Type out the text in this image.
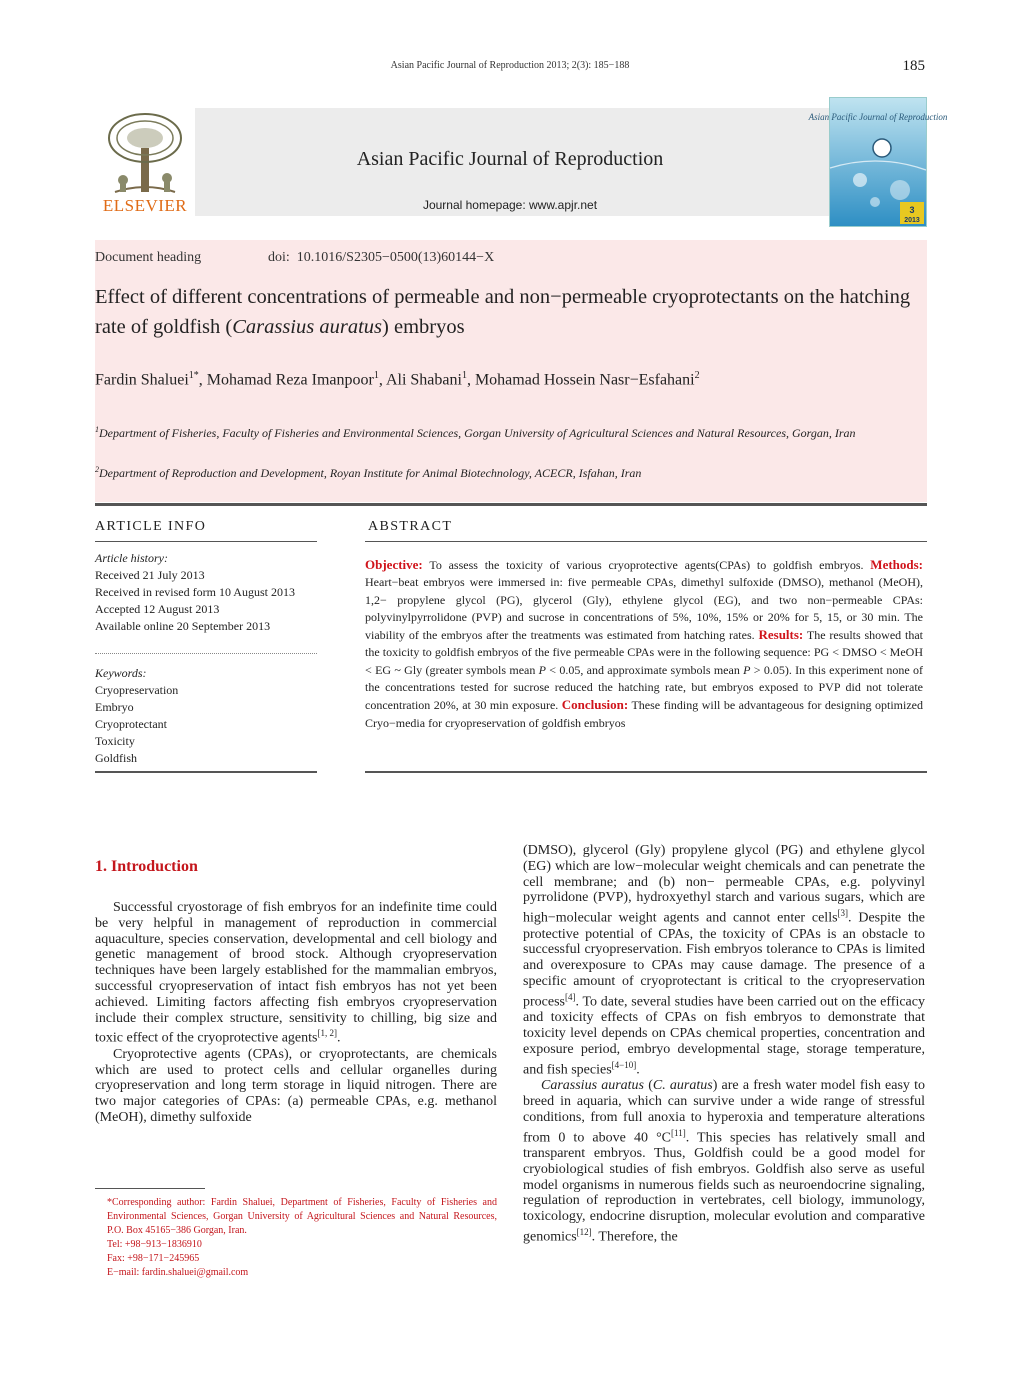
Asian Pacific Journal of Reproduction 2013; 2(3): 185−188	185
ELSEVIER
Asian Pacific Journal of Reproduction
Journal homepage: www.apjr.net
Asian Pacific Journal of Reproduction
3
2013
Document heading	doi: 10.1016/S2305−0500(13)60144−X
Effect of different concentrations of permeable and non−permeable cryoprotectants on the hatching rate of goldfish (Carassius auratus) embryos
Fardin Shaluei$^{1*}$, Mohamad Reza Imanpoor$^1$, Ali Shabani$^1$, Mohamad Hossein Nasr−Esfahani$^2$
$^1$Department of Fisheries, Faculty of Fisheries and Environmental Sciences, Gorgan University of Agricultural Sciences and Natural Resources, Gorgan, Iran
$^2$Department of Reproduction and Development, Royan Institute for Animal Biotechnology, ACECR, Isfahan, Iran
ARTICLE INFO
Article history:
Received 21 July 2013
Received in revised form 10 August 2013
Accepted 12 August 2013
Available online 20 September 2013
Keywords:
Cryopreservation
Embryo
Cryoprotectant
Toxicity
Goldfish
ABSTRACT
Objective: To assess the toxicity of various cryoprotective agents(CPAs) to goldfish embryos. Methods: Heart−beat embryos were immersed in: five permeable CPAs, dimethyl sulfoxide (DMSO), methanol (MeOH), 1,2− propylene glycol (PG), glycerol (Gly), ethylene glycol (EG), and two non−permeable CPAs: polyvinylpyrrolidone (PVP) and sucrose in concentrations of 5%, 10%, 15% or 20% for 5, 15, or 30 min. The viability of the embryos after the treatments was estimated from hatching rates. Results: The results showed that the toxicity to goldfish embryos of the five permeable CPAs were in the following sequence: PG < DMSO < MeOH < EG ~ Gly (greater symbols mean P < 0.05, and approximate symbols mean P > 0.05). In this experiment none of the concentrations tested for sucrose reduced the hatching rate, but embryos exposed to PVP did not tolerate concentration 20%, at 30 min exposure. Conclusion: These finding will be advantageous for designing optimized Cryo−media for cryopreservation of goldfish embryos
1. Introduction

Successful cryostorage of fish embryos for an indefinite time could be very helpful in management of reproduction in commercial aquaculture, species conservation, developmental and cell biology and genetic management of brood stock. Although cryopreservation techniques have been largely established for the mammalian embryos, successful cryopreservation of intact fish embryos has not yet been achieved. Limiting factors affecting fish embryos cryopreservation include their complex structure, sensitivity to chilling, big size and toxic effect of the cryoprotective agents[1, 2].

Cryoprotective agents (CPAs), or cryoprotectants, are chemicals which are used to protect cells and cellular organelles during cryopreservation and long term storage in liquid nitrogen. There are two major categories of CPAs: (a) permeable CPAs, e.g. methanol (MeOH), dimethy sulfoxide

(DMSO), glycerol (Gly) propylene glycol (PG) and ethylene glycol (EG) which are low−molecular weight chemicals and can penetrate the cell membrane; and (b) non− permeable CPAs, e.g. polyvinyl pyrrolidone (PVP), hydroxyethyl starch and various sugars, which are high−molecular weight agents and cannot enter cells[3]. Despite the protective potential of CPAs, the toxicity of CPAs is an obstacle to successful cryopreservation. Fish embryos tolerance to CPAs is limited and overexposure to CPAs may cause damage. The presence of a specific amount of cryoprotectant is critical to the cryopreservation process[4]. To date, several studies have been carried out on the efficacy and toxicity effects of CPAs on fish embryos to demonstrate that toxicity level depends on CPAs chemical properties, concentration and exposure period, embryo developmental stage, storage temperature, and fish species[4−10].

Carassius auratus (C. auratus) are a fresh water model fish easy to breed in aquaria, which can survive under a wide range of stressful conditions, from full anoxia to hyperoxia and temperature alterations from 0 to above 40 °C[11]. This species has relatively small and transparent embryos. Thus, Goldfish could be a good model for cryobiological studies of fish embryos. Goldfish also serve as useful model organisms in numerous fields such as neuroendocrine signaling, regulation of reproduction in vertebrates, cell biology, immunology, toxicology, endocrine disruption, molecular evolution and comparative genomics[12]. Therefore, the

*Corresponding author: Fardin Shaluei, Department of Fisheries, Faculty of Fisheries and Environmental Sciences, Gorgan University of Agricultural Sciences and Natural Resources, P.O. Box 45165−386 Gorgan, Iran.

Tel: +98−913−1836910

Fax: +98−171−245965

E−mail: fardin.shaluei@gmail.com
